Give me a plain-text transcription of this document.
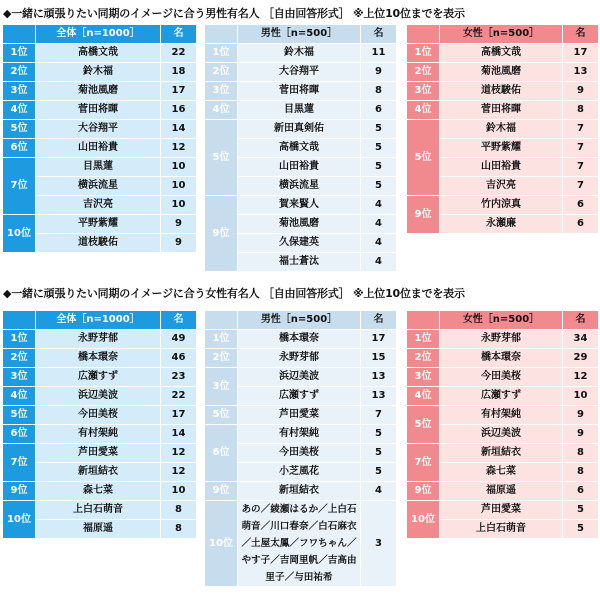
◆一緒に頑張りたい同期のイメージに合う男性有名人 ［自由回答形式］ ※上位10位までを表示
	全体［n=1000］	名
1位	高橋文哉	22
2位	鈴木福	18
3位	菊池風磨	17
4位	菅田将暉	16
5位	大谷翔平	14
6位	山田裕貴	12
7位	目黒蓮	10
	横浜流星	10
	吉沢亮	10
10位	平野紫耀	9
	道枝駿佑	9
	男性［n=500］	名
1位	鈴木福	11
2位	大谷翔平	9
3位	菅田将暉	8
4位	目黒蓮	6
5位	新田真剣佑	5
	高橋文哉	5
	山田裕貴	5
	横浜流星	5
9位	賀来賢人	4
	菊池風磨	4
	久保建英	4
	福士蒼汰	4
	女性［n=500］	名
1位	高橋文哉	17
2位	菊池風磨	13
3位	道枝駿佑	9
4位	菅田将暉	8
5位	鈴木福	7
	平野紫耀	7
	山田裕貴	7
	吉沢亮	7
9位	竹内涼真	6
	永瀬廉	6
◆一緒に頑張りたい同期のイメージに合う女性有名人 ［自由回答形式］ ※上位10位までを表示
	全体［n=1000］	名
1位	永野芽郁	49
2位	橋本環奈	46
3位	広瀬すず	23
4位	浜辺美波	22
5位	今田美桜	17
6位	有村架純	14
7位	芦田愛菜	12
	新垣結衣	12
9位	森七菜	10
10位	上白石萌音	8
	福原遥	8
	男性［n=500］	名
1位	橋本環奈	17
2位	永野芽郁	15
3位	浜辺美波	13
	広瀬すず	13
5位	芦田愛菜	7
6位	有村架純	5
	今田美桜	5
	小芝風花	5
9位	新垣結衣	4
10位	あの／綾瀬はるか／上白石萌音／川口春奈／白石麻衣／土屋太鳳／フワちゃん／やす子／吉岡里帆／吉高由里子／与田祐希	3
	女性［n=500］	名
1位	永野芽郁	34
2位	橋本環奈	29
3位	今田美桜	12
4位	広瀬すず	10
5位	有村架純	9
	浜辺美波	9
7位	新垣結衣	8
	森七菜	8
9位	福原遥	6
10位	芦田愛菜	5
	上白石萌音	5
